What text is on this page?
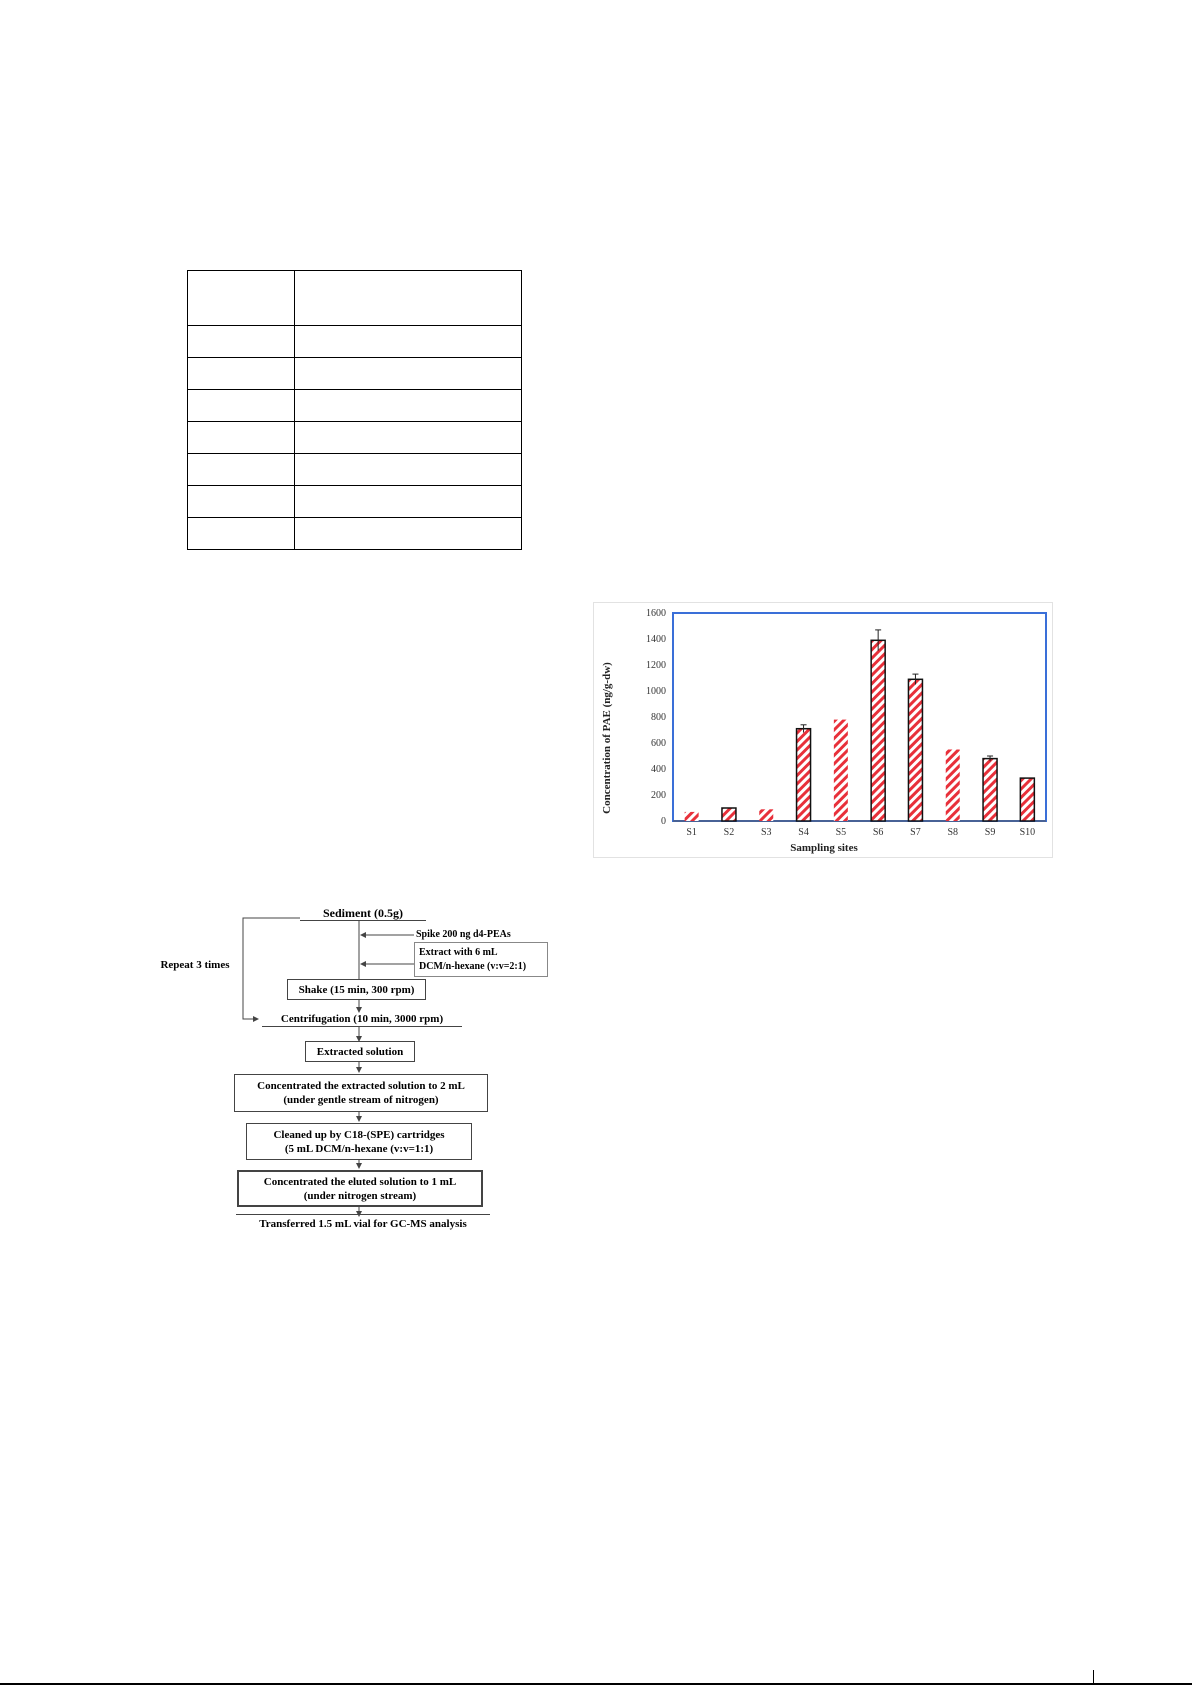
0
200
400
600
800
1000
1200
1400
1600
S1	S2	S3	S4	S5	S6	S7	S8	S9 S10
Concentration of PAE (ng/g-dw)
Sampling sites
Repeat 3 times
Sediment (0.5g)
Spike 200 ng d4-PEAs
Extract with 6 mL
DCM/n-hexane (v:v=2:1)
Shake (15 min, 300 rpm)
Centrifugation (10 min, 3000 rpm)
Extracted solution
Concentrated the extracted solution to 2 mL
(under gentle stream of nitrogen)
Cleaned up by C18-(SPE) cartridges
(5 mL DCM/n-hexane (v:v=1:1)
Concentrated the eluted solution to 1 mL
(under nitrogen stream)
Transferred 1.5 mL vial for GC-MS analysis
